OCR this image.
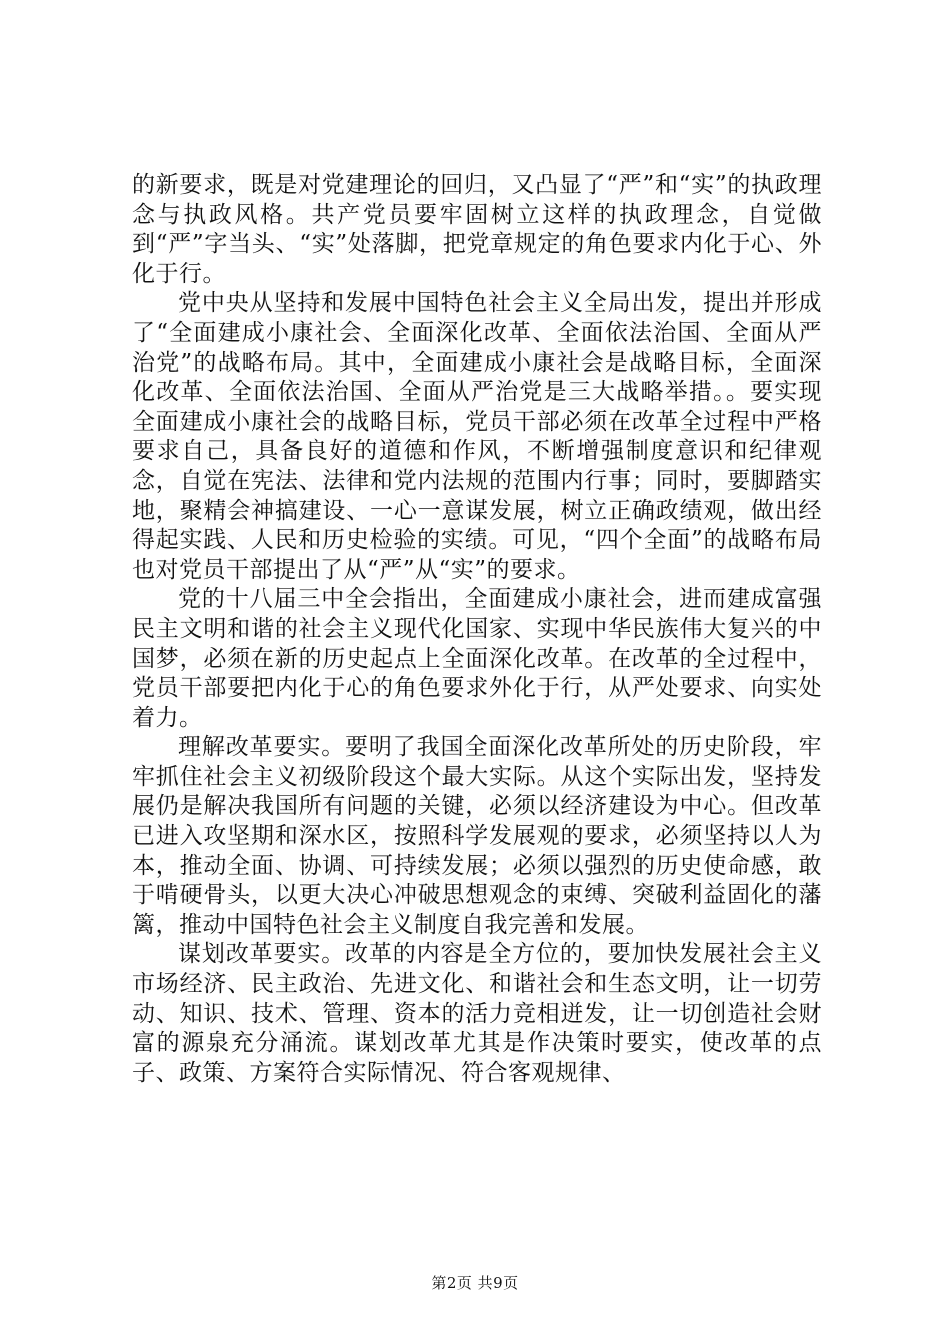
的新要求，既是对党建理论的回归，又凸显了“严”和“实”的执政理念与执政风格。共产党员要牢固树立这样的执政理念，自觉做到“严”字当头、“实”处落脚，把党章规定的角色要求内化于心、外化于行。

党中央从坚持和发展中国特色社会主义全局出发，提出并形成了“全面建成小康社会、全面深化改革、全面依法治国、全面从严治党”的战略布局。其中，全面建成小康社会是战略目标，全面深化改革、全面依法治国、全面从严治党是三大战略举措。。要实现全面建成小康社会的战略目标，党员干部必须在改革全过程中严格要求自己，具备良好的道德和作风，不断增强制度意识和纪律观念，自觉在宪法、法律和党内法规的范围内行事；同时，要脚踏实地，聚精会神搞建设、一心一意谋发展，树立正确政绩观，做出经得起实践、人民和历史检验的实绩。可见，“四个全面”的战略布局也对党员干部提出了从“严”从“实”的要求。

党的十八届三中全会指出，全面建成小康社会，进而建成富强民主文明和谐的社会主义现代化国家、实现中华民族伟大复兴的中国梦，必须在新的历史起点上全面深化改革。在改革的全过程中，党员干部要把内化于心的角色要求外化于行，从严处要求、向实处着力。

理解改革要实。要明了我国全面深化改革所处的历史阶段，牢牢抓住社会主义初级阶段这个最大实际。从这个实际出发，坚持发展仍是解决我国所有问题的关键，必须以经济建设为中心。但改革已进入攻坚期和深水区，按照科学发展观的要求，必须坚持以人为本，推动全面、协调、可持续发展；必须以强烈的历史使命感，敢于啃硬骨头，以更大决心冲破思想观念的束缚、突破利益固化的藩篱，推动中国特色社会主义制度自我完善和发展。

谋划改革要实。改革的内容是全方位的，要加快发展社会主义市场经济、民主政治、先进文化、和谐社会和生态文明，让一切劳动、知识、技术、管理、资本的活力竞相迸发，让一切创造社会财富的源泉充分涌流。谋划改革尤其是作决策时要实，使改革的点子、政策、方案符合实际情况、符合客观规律、

第2页 共9页
